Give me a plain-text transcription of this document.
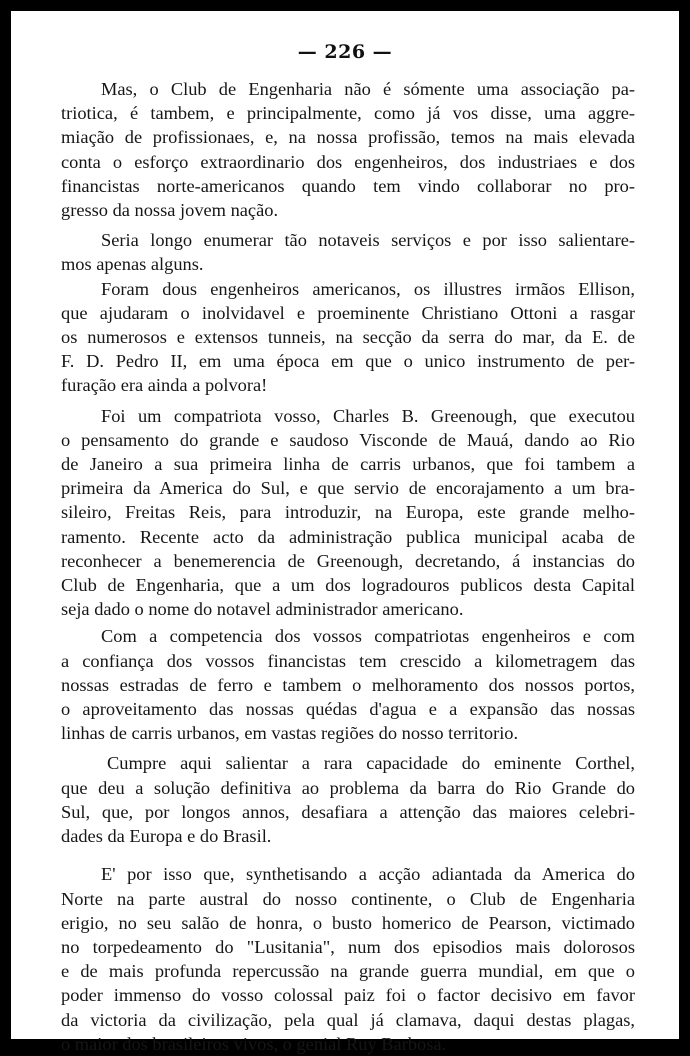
— 226 —
Mas, o Club de Engenharia não é sómente uma associação pa-
triotica, é tambem, e principalmente, como já vos disse, uma aggre-
miação de profissionaes, e, na nossa profissão, temos na mais elevada
conta o esforço extraordinario dos engenheiros, dos industriaes e dos
financistas norte-americanos quando tem vindo collaborar no pro-
gresso da nossa jovem nação.
Seria longo enumerar tão notaveis serviços e por isso salientare-
mos apenas alguns.
Foram dous engenheiros americanos, os illustres irmãos Ellison,
que ajudaram o inolvidavel e proeminente Christiano Ottoni a rasgar
os numerosos e extensos tunneis, na secção da serra do mar, da E. de
F. D. Pedro II, em uma época em que o unico instrumento de per-
furação era ainda a polvora!
Foi um compatriota vosso, Charles B. Greenough, que executou
o pensamento do grande e saudoso Visconde de Mauá, dando ao Rio
de Janeiro a sua primeira linha de carris urbanos, que foi tambem a
primeira da America do Sul, e que servio de encorajamento a um bra-
sileiro, Freitas Reis, para introduzir, na Europa, este grande melho-
ramento. Recente acto da administração publica municipal acaba de
reconhecer a benemerencia de Greenough, decretando, á instancias do
Club de Engenharia, que a um dos logradouros publicos desta Capital
seja dado o nome do notavel administrador americano.
Com a competencia dos vossos compatriotas engenheiros e com
a confiança dos vossos financistas tem crescido a kilometragem das
nossas estradas de ferro e tambem o melhoramento dos nossos portos,
o aproveitamento das nossas quédas d'agua e a expansão das nossas
linhas de carris urbanos, em vastas regiões do nosso territorio.
Cumpre aqui salientar a rara capacidade do eminente Corthel,
que deu a solução definitiva ao problema da barra do Rio Grande do
Sul, que, por longos annos, desafiara a attenção das maiores celebri-
dades da Europa e do Brasil.
E' por isso que, synthetisando a acção adiantada da America do
Norte na parte austral do nosso continente, o Club de Engenharia
erigio, no seu salão de honra, o busto homerico de Pearson, victimado
no torpedeamento do "Lusitania", num dos episodios mais dolorosos
e de mais profunda repercussão na grande guerra mundial, em que o
poder immenso do vosso colossal paiz foi o factor decisivo em favor
da victoria da civilização, pela qual já clamava, daqui destas plagas,
o maior dos brasileiros vivos, o genial Ruy Barbosa.
